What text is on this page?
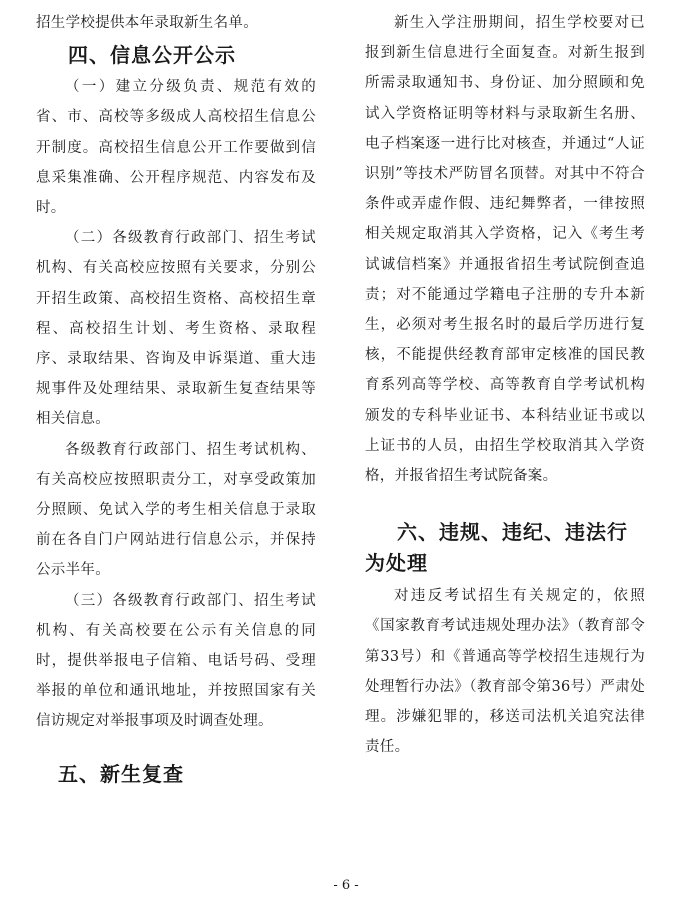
招生学校提供本年录取新生名单。

四、信息公开公示

（一）建立分级负责、规范有效的省、市、高校等多级成人高校招生信息公开制度。高校招生信息公开工作要做到信息采集准确、公开程序规范、内容发布及时。

（二）各级教育行政部门、招生考试机构、有关高校应按照有关要求，分别公开招生政策、高校招生资格、高校招生章程、高校招生计划、考生资格、录取程序、录取结果、咨询及申诉渠道、重大违规事件及处理结果、录取新生复查结果等相关信息。

各级教育行政部门、招生考试机构、有关高校应按照职责分工，对享受政策加分照顾、免试入学的考生相关信息于录取前在各自门户网站进行信息公示，并保持公示半年。

（三）各级教育行政部门、招生考试机构、有关高校要在公示有关信息的同时，提供举报电子信箱、电话号码、受理举报的单位和通讯地址，并按照国家有关信访规定对举报事项及时调查处理。

五、新生复查

新生入学注册期间，招生学校要对已报到新生信息进行全面复查。对新生报到所需录取通知书、身份证、加分照顾和免试入学资格证明等材料与录取新生名册、电子档案逐一进行比对核查，并通过“人证识别”等技术严防冒名顶替。对其中不符合条件或弄虚作假、违纪舞弊者，一律按照相关规定取消其入学资格，记入《考生考试诚信档案》并通报省招生考试院倒查追责；对不能通过学籍电子注册的专升本新生，必须对考生报名时的最后学历进行复核，不能提供经教育部审定核准的国民教育系列高等学校、高等教育自学考试机构颁发的专科毕业证书、本科结业证书或以上证书的人员，由招生学校取消其入学资格，并报省招生考试院备案。

六、违规、违纪、违法行为处理

对违反考试招生有关规定的，依照《国家教育考试违规处理办法》（教育部令第33号）和《普通高等学校招生违规行为处理暂行办法》（教育部令第36号）严肃处理。涉嫌犯罪的，移送司法机关追究法律责任。

- 6 -
